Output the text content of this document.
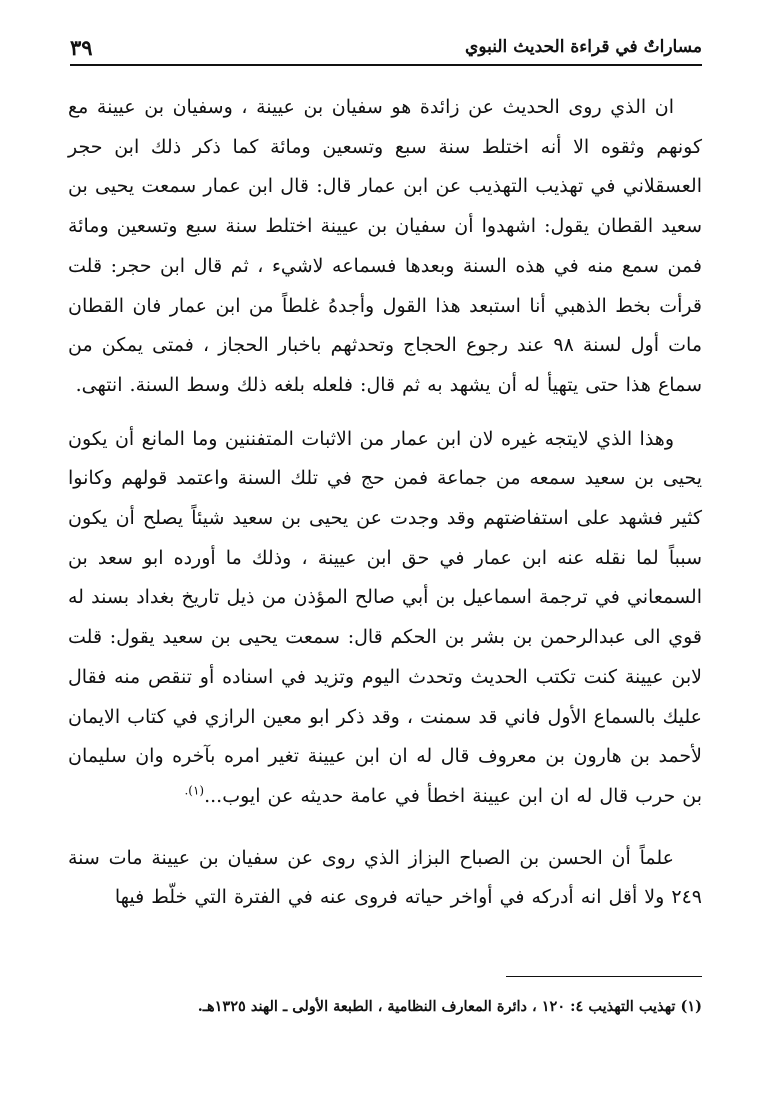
مساراتٌ في قراءة الحديث النبوي
٣٩

ان الذي روى الحديث عن زائدة هو سفيان بن عيينة ، وسفيان بن عيينة مع كونهم وثقوه الا أنه اختلط سنة سبع وتسعين ومائة كما ذكر ذلك ابن حجر العسقلاني في تهذيب التهذيب عن ابن عمار قال: قال ابن عمار سمعت يحيى بن سعيد القطان يقول: اشهدوا أن سفيان بن عيينة اختلط سنة سبع وتسعين ومائة فمن سمع منه في هذه السنة وبعدها فسماعه لاشيء ، ثم قال ابن حجر: قلت قرأت بخط الذهبي أنا استبعد هذا القول وأجدهُ غلطاً من ابن عمار فان القطان مات أول لسنة ٩٨ عند رجوع الحجاج وتحدثهم باخبار الحجاز ، فمتى يمكن من سماع هذا حتى يتهيأ له أن يشهد به ثم قال: فلعله بلغه ذلك وسط السنة. انتهى.

وهذا الذي لايتجه غيره لان ابن عمار من الاثبات المتفننين وما المانع أن يكون يحيى بن سعيد سمعه من جماعة فمن حج في تلك السنة واعتمد قولهم وكانوا كثير فشهد على استفاضتهم وقد وجدت عن يحيى بن سعيد شيئاً يصلح أن يكون سبباً لما نقله عنه ابن عمار في حق ابن عيينة ، وذلك ما أورده ابو سعد بن السمعاني في ترجمة اسماعيل بن أبي صالح المؤذن من ذيل تاريخ بغداد بسند له قوي الى عبدالرحمن بن بشر بن الحكم قال: سمعت يحيى بن سعيد يقول: قلت لابن عيينة كنت تكتب الحديث وتحدث اليوم وتزيد في اسناده أو تنقص منه فقال عليك بالسماع الأول فاني قد سمنت ، وقد ذكر ابو معين الرازي في كتاب الايمان لأحمد بن هارون بن معروف قال له ان ابن عيينة تغير امره بآخره وان سليمان بن حرب قال له ان ابن عيينة اخطأ في عامة حديثه عن ايوب...$^{(١).}$

علماً أن الحسن بن الصباح البزاز الذي روى عن سفيان بن عيينة مات سنة ٢٤٩ ولا أقل انه أدركه في أواخر حياته فروى عنه في الفترة التي خلّط فيها

(١) تهذيب التهذيب ٤: ١٢٠ ، دائرة المعارف النظامية ، الطبعة الأولى ـ الهند ١٣٢٥هـ.
